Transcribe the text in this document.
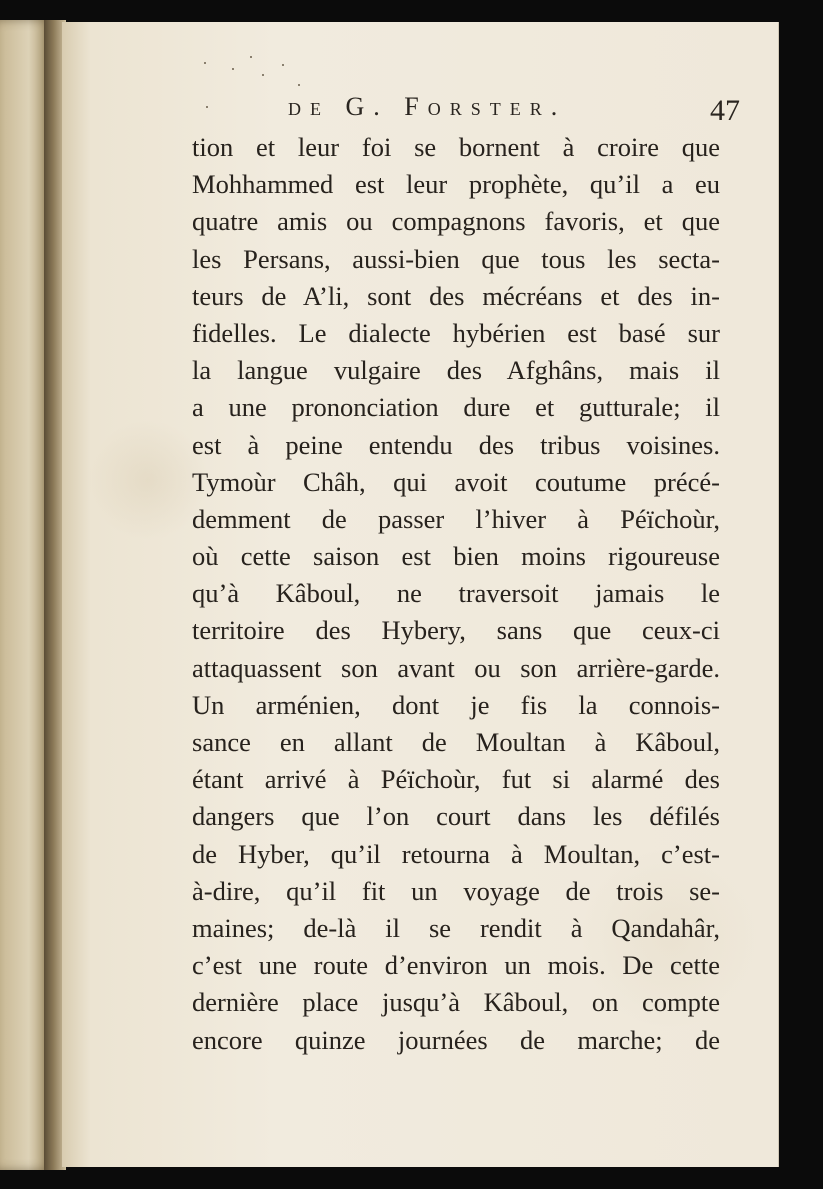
de G. Forster.	47
tion et leur foi se bornent à croire que
Mohhammed est leur prophète, qu’il a eu
quatre amis ou compagnons favoris, et que
les Persans, aussi-bien que tous les secta-
teurs de A’li, sont des mécréans et des in-
fidelles. Le dialecte hybérien est basé sur
la langue vulgaire des Afghâns, mais il
a une prononciation dure et gutturale; il
est à peine entendu des tribus voisines.
Tymoùr Châh, qui avoit coutume précé-
demment de passer l’hiver à Péïchoùr,
où cette saison est bien moins rigoureuse
qu’à Kâboul, ne traversoit jamais le
territoire des Hybery, sans que ceux-ci
attaquassent son avant ou son arrière-garde.
Un arménien, dont je fis la connois-
sance en allant de Moultan à Kâboul,
étant arrivé à Péïchoùr, fut si alarmé des
dangers que l’on court dans les défilés
de Hyber, qu’il retourna à Moultan, c’est-
à-dire, qu’il fit un voyage de trois se-
maines; de-là il se rendit à Qandahâr,
c’est une route d’environ un mois. De cette
dernière place jusqu’à Kâboul, on compte
encore quinze journées de marche; de
